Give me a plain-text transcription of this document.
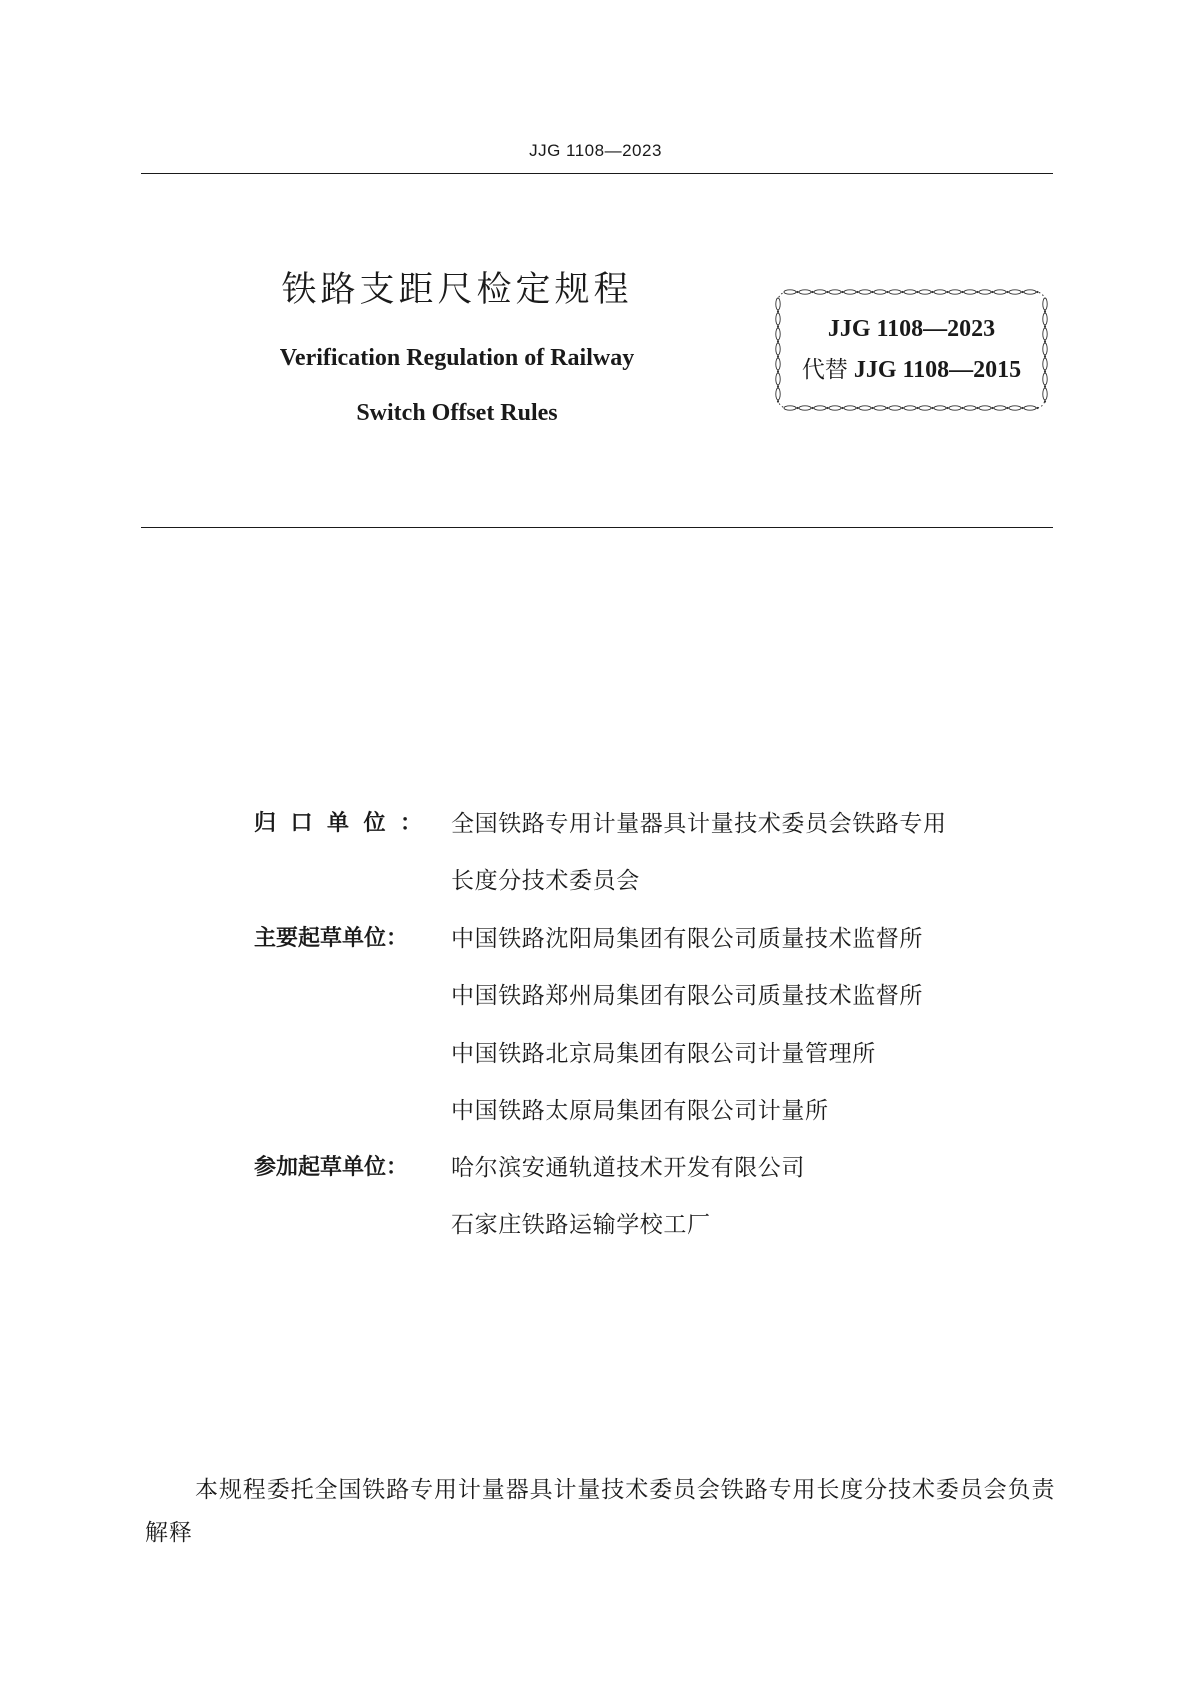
JJG 1108—2023
铁路支距尺检定规程
Verification Regulation of Railway
Switch Offset Rules
JJG 1108—2023
代替 JJG 1108—2015
归口单位：	全国铁路专用计量器具计量技术委员会铁路专用
长度分技术委员会
主要起草单位：	中国铁路沈阳局集团有限公司质量技术监督所
中国铁路郑州局集团有限公司质量技术监督所
中国铁路北京局集团有限公司计量管理所
中国铁路太原局集团有限公司计量所
参加起草单位：	哈尔滨安通轨道技术开发有限公司
石家庄铁路运输学校工厂
本规程委托全国铁路专用计量器具计量技术委员会铁路专用长度分技术委员会负责解释
